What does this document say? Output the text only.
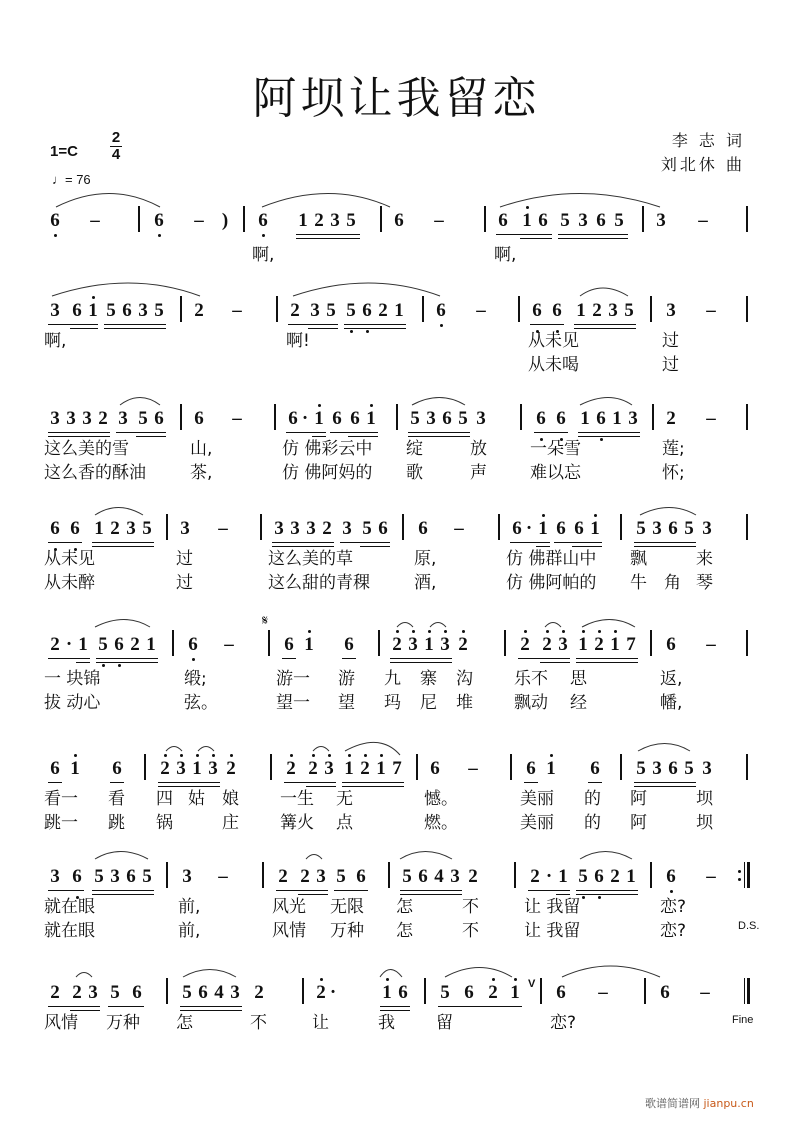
阿坝让我留恋
李 志 词
刘北休 曲
1=C
2
4
♩= 76
6 –	6 – ) 6 1 2 3 5 6 –	6 1 6 5 3 6 5 3 –
啊,	啊,
3 6 1 5 6 3 5 2 –	2 3 5 5 6 2 1 6 – 6 6 1 2 3 5 3 –
啊,	啊!	从未见	过
从未喝	过
3 3 3 2 3 5 6 6 – 6 · 1 6 6 1 5 3 6 5 3	6 6 1 6 1 3 2 –
这么美的雪	山,	仿 佛彩云中 绽	放	一朵雪	莲;
这么香的酥油	茶,	仿 佛阿妈的 歌	声	难以忘	怀;
6 6 1 2 3 5 3 – 3 3 3 2 3 5 6 6 –	6 · 1 6 6 1 5 3 6 5 3
从未见	过	这么美的草	原,	仿 佛群山中 飘	来
从未醉	过	这么甜的青稞	酒,	仿 佛阿帕的 牛 角 琴
𝄋
2 · 1 5 6 2 1 6 –	6 1 6 2 3 1 3 2	2 2 3 1 2 1 7 6 –
一 块锦	缎;	游一 游 九 寨 沟 乐不 思	返,
拔 动心	弦。	望一 望 玛 尼 堆 飘动 经	幡,
6 1 6 2 3 1 3 2	2 2 3 1 2 1 7 6 –	6 1 6 5 3 6 5 3
看一 看 四 姑 娘 一生 无	憾。	美丽 的 阿	坝
跳一 跳 锅	庄 篝火 点	燃。	美丽 的 阿	坝
3 6 5 3 6 5 3 –	2 2 3 5 6 5 6 4 3 2	2 · 1 5 6 2 1 6 –
就在眼	前,	风光 无限 怎	不	让 我留	恋?
就在眼	前,	风情 万种 怎	不	让 我留	恋?	D.S.
2 2 3 5 6 5 6 4 3 2	2 · 1 6 5 6 2 1 V 6 –	6 –
风情 万种 怎	不	让	我 留	恋?	Fine
歌谱简谱网 jianpu.cn
